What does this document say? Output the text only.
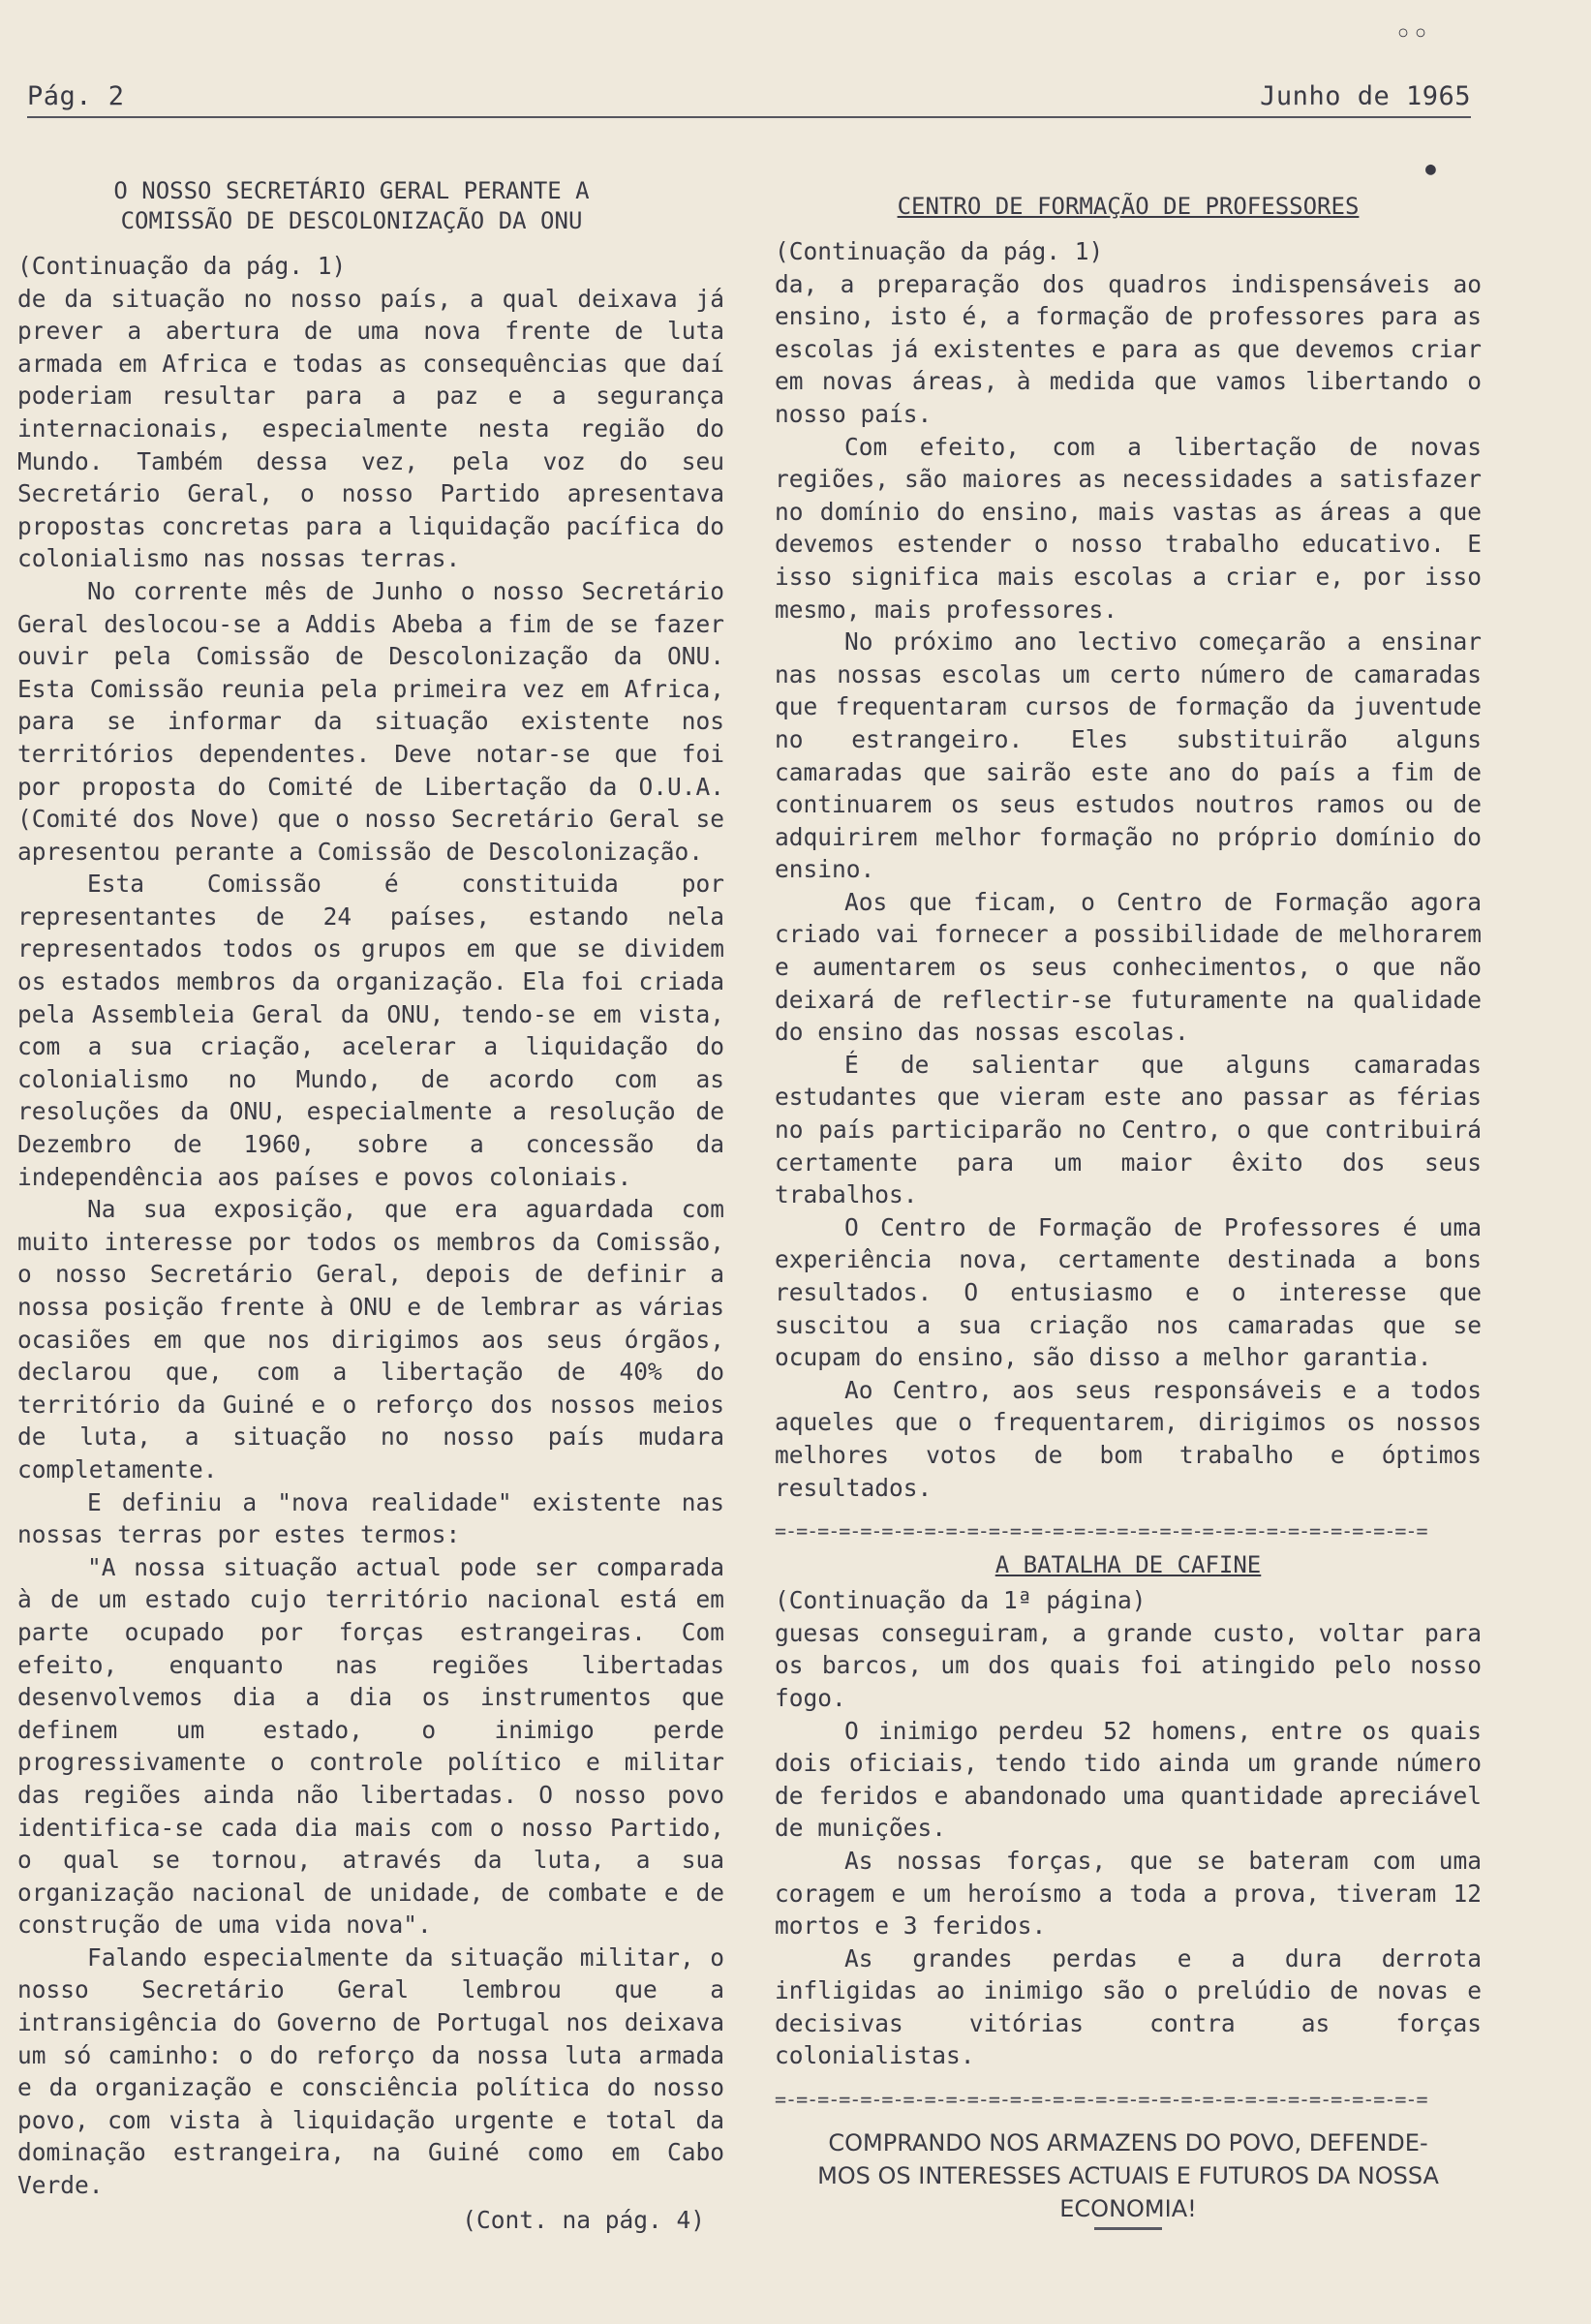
Pág. 2	Junho de 1965
◦◦
●
O NOSSO SECRETÁRIO GERAL PERANTE A
COMISSÃO DE DESCOLONIZAÇÃO DA ONU

(Continuação da pág. 1)

de da situação no nosso país, a qual deixava já prever a abertura de uma nova frente de luta armada em Africa e todas as consequências que daí poderiam resultar para a paz e a segurança internacionais, especialmente nesta região do Mundo. Também dessa vez, pela voz do seu Secretário Geral, o nosso Partido apresentava propostas concretas para a liquidação pacífica do colonialismo nas nossas terras.

No corrente mês de Junho o nosso Secretário Geral deslocou-se a Addis Abeba a fim de se fazer ouvir pela Comissão de Descolonização da ONU. Esta Comissão reunia pela primeira vez em Africa, para se informar da situação existente nos territórios dependentes. Deve notar-se que foi por proposta do Comité de Libertação da O.U.A. (Comité dos Nove) que o nosso Secretário Geral se apresentou perante a Comissão de Descolonização.

Esta Comissão é constituida por representantes de 24 países, estando nela representados todos os grupos em que se dividem os estados membros da organização. Ela foi criada pela Assembleia Geral da ONU, tendo-se em vista, com a sua criação, acelerar a liquidação do colonialismo no Mundo, de acordo com as resoluções da ONU, especialmente a resolução de Dezembro de 1960, sobre a concessão da independência aos países e povos coloniais.

Na sua exposição, que era aguardada com muito interesse por todos os membros da Comissão, o nosso Secretário Geral, depois de definir a nossa posição frente à ONU e de lembrar as várias ocasiões em que nos dirigimos aos seus órgãos, declarou que, com a libertação de 40% do território da Guiné e o reforço dos nossos meios de luta, a situação no nosso país mudara completamente.

E definiu a "nova realidade" existente nas nossas terras por estes termos:

"A nossa situação actual pode ser comparada à de um estado cujo território nacional está em parte ocupado por forças estrangeiras. Com efeito, enquanto nas regiões libertadas desenvolvemos dia a dia os instrumentos que definem um estado, o inimigo perde progressivamente o controle político e militar das regiões ainda não libertadas. O nosso povo identifica-se cada dia mais com o nosso Partido, o qual se tornou, através da luta, a sua organização nacional de unidade, de combate e de construção de uma vida nova".

Falando especialmente da situação militar, o nosso Secretário Geral lembrou que a intransigência do Governo de Portugal nos deixava um só caminho: o do reforço da nossa luta armada e da organização e consciência política do nosso povo, com vista à liquidação urgente e total da dominação estrangeira, na Guiné como em Cabo Verde.

(Cont. na pág. 4)

CENTRO DE FORMAÇÃO DE PROFESSORES

(Continuação da pág. 1)

da, a preparação dos quadros indispensáveis ao ensino, isto é, a formação de professores para as escolas já existentes e para as que devemos criar em novas áreas, à medida que vamos libertando o nosso país.

Com efeito, com a libertação de novas regiões, são maiores as necessidades a satisfazer no domínio do ensino, mais vastas as áreas a que devemos estender o nosso trabalho educativo. E isso significa mais escolas a criar e, por isso mesmo, mais professores.

No próximo ano lectivo começarão a ensinar nas nossas escolas um certo número de camaradas que frequentaram cursos de formação da juventude no estrangeiro. Eles substituirão alguns camaradas que sairão este ano do país a fim de continuarem os seus estudos noutros ramos ou de adquirirem melhor formação no próprio domínio do ensino.

Aos que ficam, o Centro de Formação agora criado vai fornecer a possibilidade de melhorarem e aumentarem os seus conhecimentos, o que não deixará de reflectir-se futuramente na qualidade do ensino das nossas escolas.

É de salientar que alguns camaradas estudantes que vieram este ano passar as férias no país participarão no Centro, o que contribuirá certamente para um maior êxito dos seus trabalhos.

O Centro de Formação de Professores é uma experiência nova, certamente destinada a bons resultados. O entusiasmo e o interesse que suscitou a sua criação nos camaradas que se ocupam do ensino, são disso a melhor garantia.

Ao Centro, aos seus responsáveis e a todos aqueles que o frequentarem, dirigimos os nossos melhores votos de bom trabalho e óptimos resultados.

=-=-=-=-=-=-=-=-=-=-=-=-=-=-=-=-=-=-=-=-=-=-=-=-=-=-=-=-=-=-=
A BATALHA DE CAFINE

(Continuação da 1ª página)

guesas conseguiram, a grande custo, voltar para os barcos, um dos quais foi atingido pelo nosso fogo.

O inimigo perdeu 52 homens, entre os quais dois oficiais, tendo tido ainda um grande número de feridos e abandonado uma quantidade apreciável de munições.

As nossas forças, que se bateram com uma coragem e um heroísmo a toda a prova, tiveram 12 mortos e 3 feridos.

As grandes perdas e a dura derrota infligidas ao inimigo são o prelúdio de novas e decisivas vitórias contra as forças colonialistas.

=-=-=-=-=-=-=-=-=-=-=-=-=-=-=-=-=-=-=-=-=-=-=-=-=-=-=-=-=-=-=
COMPRANDO NOS ARMAZENS DO POVO, DEFENDE-
MOS OS INTERESSES ACTUAIS E FUTUROS DA NOSSA
ECONOMIA!
